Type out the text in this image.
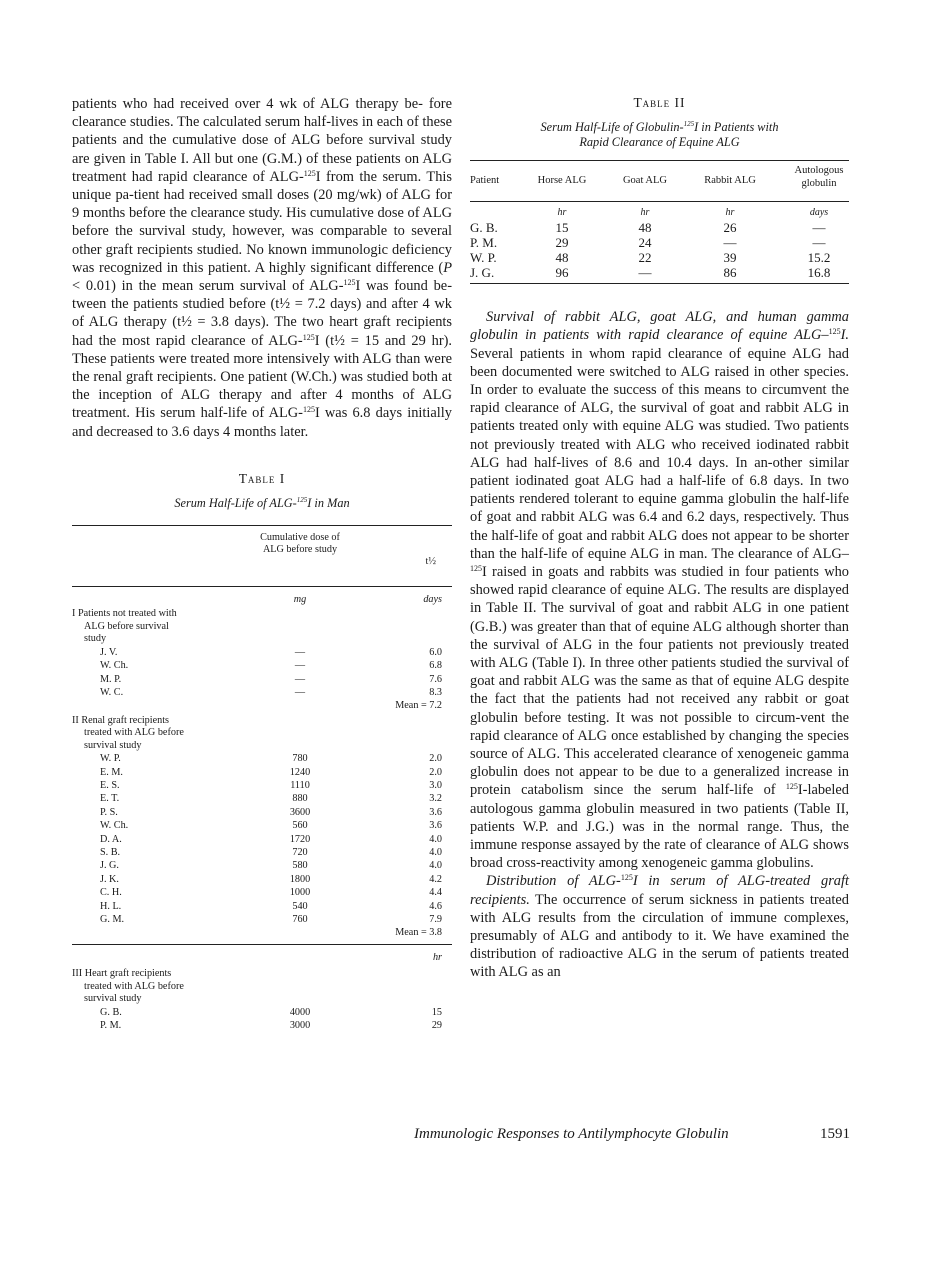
patients who had received over 4 wk of ALG therapy be- fore clearance studies. The calculated serum half-lives in each of these patients and the cumulative dose of ALG before survival study are given in Table I. All but one (G.M.) of these patients on ALG treatment had rapid clearance of ALG-$^{125}$I from the serum. This unique pa-tient had received small doses (20 mg/wk) of ALG for 9 months before the clearance study. His cumulative dose of ALG before the survival study, however, was comparable to several other graft recipients studied. No known immunologic deficiency was recognized in this patient. A highly significant difference (P < 0.01) in the mean serum survival of ALG-$^{125}$I was found be-tween the patients studied before (t½ = 7.2 days) and after 4 wk of ALG therapy (t½ = 3.8 days). The two heart graft recipients had the most rapid clearance of ALG-$^{125}$I (t½ = 15 and 29 hr). These patients were treated more intensively with ALG than were the renal graft recipients. One patient (W.Ch.) was studied both at the inception of ALG therapy and after 4 months of ALG treatment. His serum half-life of ALG-$^{125}$I was 6.8 days initially and decreased to 3.6 days 4 months later.

Table I
Serum Half-Life of ALG-$^{125}$I in Man
Cumulative dose of ALG before study
t½
mg	days
I Patients not treated with
ALG before survival
study
J. V.	—	6.0
W. Ch.	—	6.8
M. P.	—	7.6
W. C.	—	8.3
Mean = 7.2
II Renal graft recipients
treated with ALG before
survival study
W. P.	780	2.0
E. M.	1240	2.0
E. S.	1110	3.0
E. T.	880	3.2
P. S.	3600	3.6
W. Ch.	560	3.6
D. A.	1720	4.0
S. B.	720	4.0
J. G.	580	4.0
J. K.	1800	4.2
C. H.	1000	4.4
H. L.	540	4.6
G. M.	760	7.9
Mean = 3.8
hr
III Heart graft recipients
treated with ALG before
survival study
G. B.	4000	15
P. M.	3000	29
Table II
Serum Half-Life of Globulin-$^{125}$I in Patients with
Rapid Clearance of Equine ALG
Patient	Horse ALG	Goat ALG	Rabbit ALG
Autologous globulin
hr	hr	hr	days
G. B.	15	48	26	—
P. M.	29	24	—	—
W. P.	48	22	39	15.2
J. G.	96	—	86	16.8

Survival of rabbit ALG, goat ALG, and human gamma globulin in patients with rapid clearance of equine ALG–$^{125}$I. Several patients in whom rapid clearance of equine ALG had been documented were switched to ALG raised in other species. In order to evaluate the success of this means to circumvent the rapid clearance of ALG, the survival of goat and rabbit ALG in patients treated only with equine ALG was studied. Two patients not previously treated with ALG who received iodinated rabbit ALG had half-lives of 8.6 and 10.4 days. In an-other similar patient iodinated goat ALG had a half-life of 6.8 days. In two patients rendered tolerant to equine gamma globulin the half-life of goat and rabbit ALG was 6.4 and 6.2 days, respectively. Thus the half-life of goat and rabbit ALG does not appear to be shorter than the half-life of equine ALG in man. The clearance of ALG–$^{125}$I raised in goats and rabbits was studied in four patients who showed rapid clearance of equine ALG. The results are displayed in Table II. The survival of goat and rabbit ALG in one patient (G.B.) was greater than that of equine ALG although shorter than the survival of ALG in the four patients not previously treated with ALG (Table I). In three other patients studied the survival of goat and rabbit ALG was the same as that of equine ALG despite the fact that the patients had not received any rabbit or goat globulin before testing. It was not possible to circum-vent the rapid clearance of ALG once established by changing the species source of ALG. This accelerated clearance of xenogeneic gamma globulin does not appear to be due to a generalized increase in protein catabolism since the serum half-life of $^{125}$I-labeled autologous gamma globulin measured in two patients (Table II, patients W.P. and J.G.) was in the normal range. Thus, the immune response assayed by the rate of clearance of ALG shows broad cross-reactivity among xenogeneic gamma globulins.

Distribution of ALG-$^{125}$I in serum of ALG-treated graft recipients. The occurrence of serum sickness in patients treated with ALG results from the circulation of immune complexes, presumably of ALG and antibody to it. We have examined the distribution of radioactive ALG in the serum of patients treated with ALG as an

Immunologic Responses to Antilymphocyte Globulin	1591
